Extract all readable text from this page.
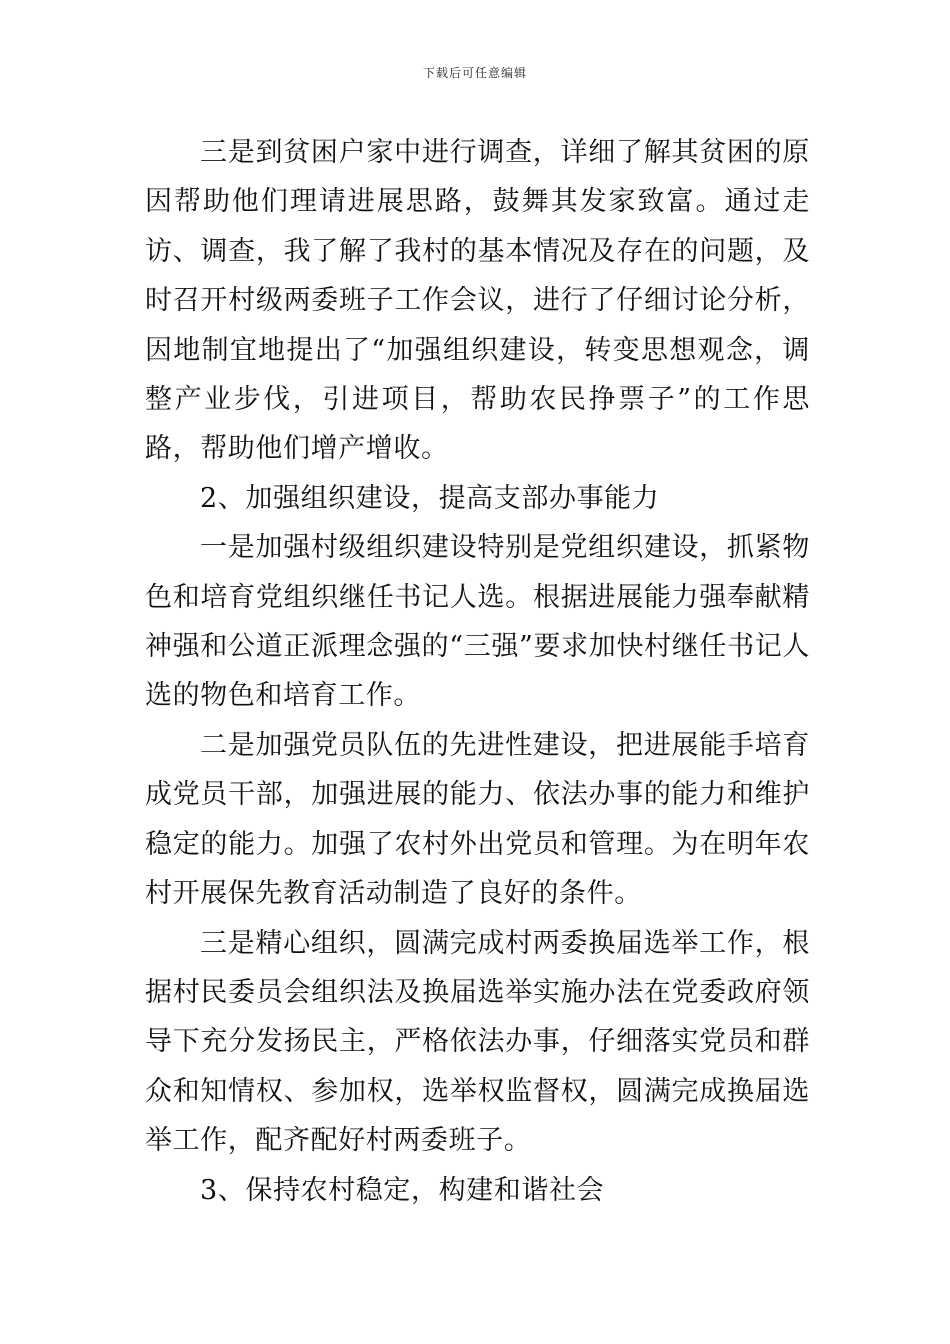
下载后可任意编辑

三是到贫困户家中进行调查，详细了解其贫困的原因帮助他们理请进展思路，鼓舞其发家致富。通过走访、调查，我了解了我村的基本情况及存在的问题，及时召开村级两委班子工作会议，进行了仔细讨论分析，因地制宜地提出了“加强组织建设，转变思想观念，调整产业步伐，引进项目，帮助农民挣票子”的工作思路，帮助他们增产增收。

2、加强组织建设，提高支部办事能力

一是加强村级组织建设特别是党组织建设，抓紧物色和培育党组织继任书记人选。根据进展能力强奉献精神强和公道正派理念强的“三强”要求加快村继任书记人选的物色和培育工作。

二是加强党员队伍的先进性建设，把进展能手培育成党员干部，加强进展的能力、依法办事的能力和维护稳定的能力。加强了农村外出党员和管理。为在明年农村开展保先教育活动制造了良好的条件。

三是精心组织，圆满完成村两委换届选举工作，根据村民委员会组织法及换届选举实施办法在党委政府领导下充分发扬民主，严格依法办事，仔细落实党员和群众和知情权、参加权，选举权监督权，圆满完成换届选举工作，配齐配好村两委班子。

3、保持农村稳定，构建和谐社会
